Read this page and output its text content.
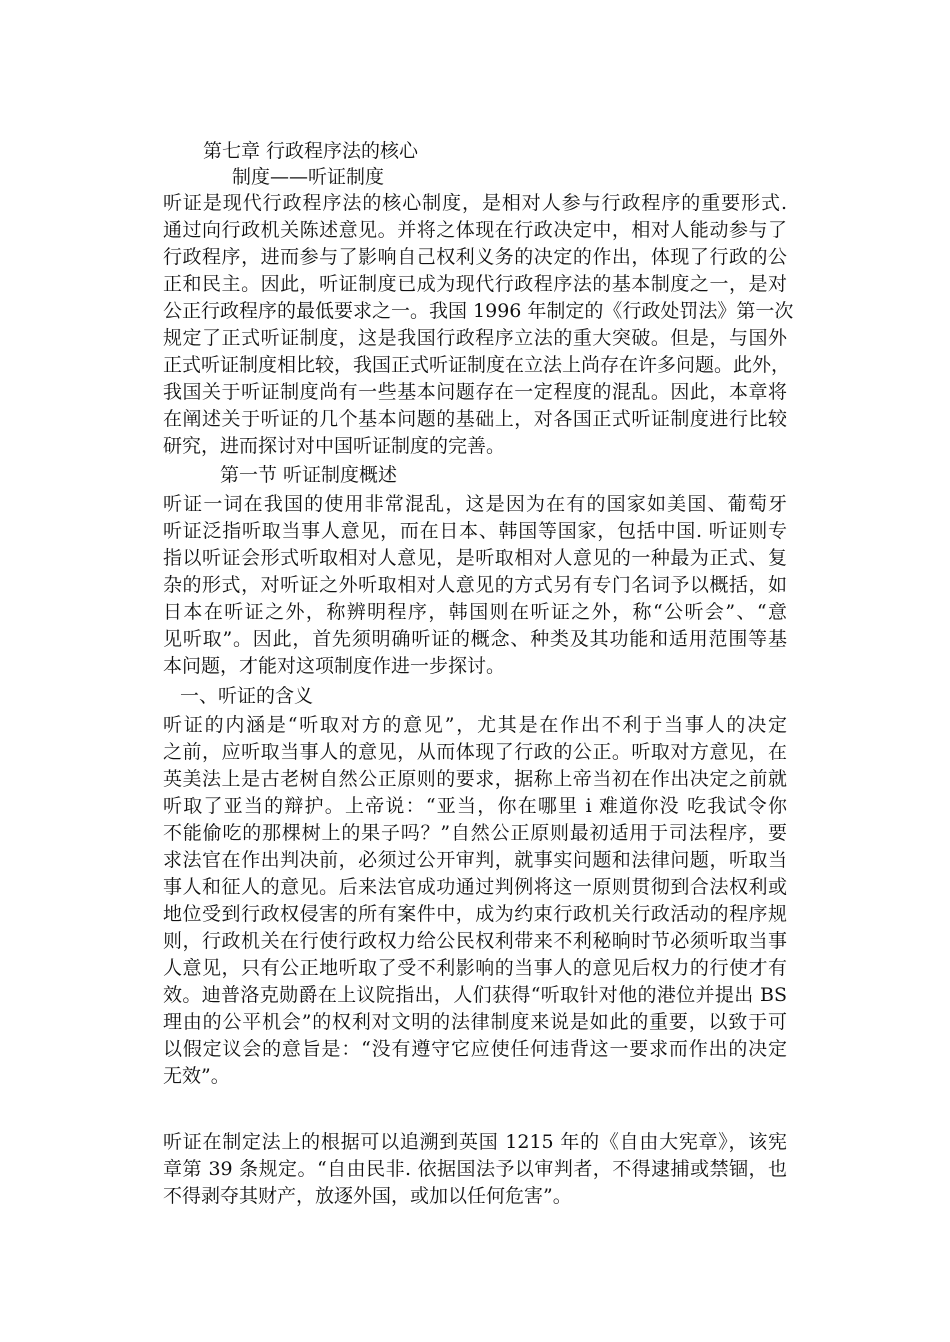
第七章 行政程序法的核心
制度——听证制度
听证是现代行政程序法的核心制度，是相对人参与行政程序的重要形式.
通过向行政机关陈述意见。并将之体现在行政决定中，相对人能动参与了
行政程序，进而参与了影响自己权利义务的决定的作出，体现了行政的公
正和民主。因此，听证制度已成为现代行政程序法的基本制度之一，是对
公正行政程序的最低要求之一。我国 1996 年制定的《行政处罚法》第一次
规定了正式听证制度，这是我国行政程序立法的重大突破。但是，与国外
正式听证制度相比较，我国正式听证制度在立法上尚存在许多问题。此外，
我国关于听证制度尚有一些基本问题存在一定程度的混乱。因此，本章将
在阐述关于听证的几个基本问题的基础上，对各国正式听证制度进行比较
研究，进而探讨对中国听证制度的完善。
第一节 听证制度概述
听证一词在我国的使用非常混乱，这是因为在有的国家如美国、葡萄牙
听证泛指听取当事人意见，而在日本、韩国等国家，包括中国. 听证则专
指以听证会形式听取相对人意见，是听取相对人意见的一种最为正式、复
杂的形式，对听证之外听取相对人意见的方式另有专门名词予以概括，如
日本在听证之外，称辨明程序，韩国则在听证之外，称“公听会”、“意
见听取”。因此，首先须明确听证的概念、种类及其功能和适用范围等基
本问题，才能对这项制度作进一步探讨。
一、听证的含义
听证的内涵是“听取对方的意见”，尤其是在作出不利于当事人的决定
之前，应听取当事人的意见，从而体现了行政的公正。听取对方意见，在
英美法上是古老树自然公正原则的要求，据称上帝当初在作出决定之前就
听取了亚当的辩护。上帝说：“亚当，你在哪里 i 难道你没 吃我试令你
不能偷吃的那棵树上的果子吗？”自然公正原则最初适用于司法程序，要
求法官在作出判决前，必须过公开审判，就事实问题和法律问题，听取当
事人和征人的意见。后来法官成功通过判例将这一原则贯彻到合法权利或
地位受到行政权侵害的所有案件中，成为约束行政机关行政活动的程序规
则，行政机关在行使行政权力给公民权利带来不利秘晌时节必须听取当事
人意见，只有公正地听取了受不利影响的当事人的意见后权力的行使才有
效。迪普洛克勋爵在上议院指出，人们获得“听取针对他的港位并提出 BS
理由的公平机会”的权利对文明的法律制度来说是如此的重要，以致于可
以假定议会的意旨是：“没有遵守它应使任何违背这一要求而作出的决定
无效”。
听证在制定法上的根据可以追溯到英国 1215 年的《自由大宪章》，该宪
章第 39 条规定。“自由民非. 依据国法予以审判者，不得逮捕或禁锢，也
不得剥夺其财产，放逐外国，或加以任何危害”。
